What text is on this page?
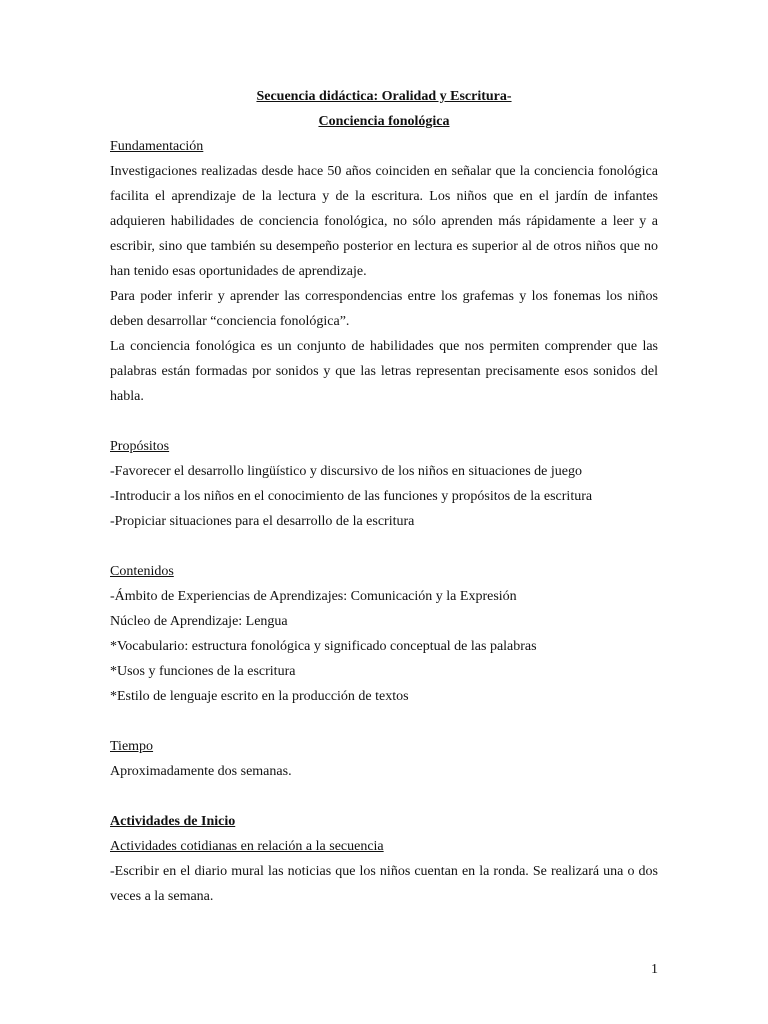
Secuencia didáctica: Oralidad y Escritura-
Conciencia fonológica
Fundamentación

Investigaciones realizadas desde hace 50 años coinciden en señalar que la conciencia fonológica facilita el aprendizaje de la lectura y de la escritura. Los niños que en el jardín de infantes adquieren habilidades de conciencia fonológica, no sólo aprenden más rápidamente a leer y a escribir, sino que también su desempeño posterior en lectura es superior al de otros niños que no han tenido esas oportunidades de aprendizaje.

Para poder inferir y aprender las correspondencias entre los grafemas y los fonemas los niños deben desarrollar “conciencia fonológica”.

La conciencia fonológica es un conjunto de habilidades que nos permiten comprender que las palabras están formadas por sonidos y que las letras representan precisamente esos sonidos del habla.

Propósitos
-Favorecer el desarrollo lingüístico y discursivo de los niños en situaciones de juego
-Introducir a los niños en el conocimiento de las funciones y propósitos de la escritura
-Propiciar situaciones para el desarrollo de la escritura
Contenidos
-Ámbito de Experiencias de Aprendizajes: Comunicación y la Expresión
Núcleo de Aprendizaje: Lengua
*Vocabulario: estructura fonológica y significado conceptual de las palabras
*Usos y funciones de la escritura
*Estilo de lenguaje escrito en la producción de textos
Tiempo
Aproximadamente dos semanas.
Actividades de Inicio
Actividades cotidianas en relación a la secuencia

-Escribir en el diario mural las noticias que los niños cuentan en la ronda. Se realizará una o dos veces a la semana.

1
